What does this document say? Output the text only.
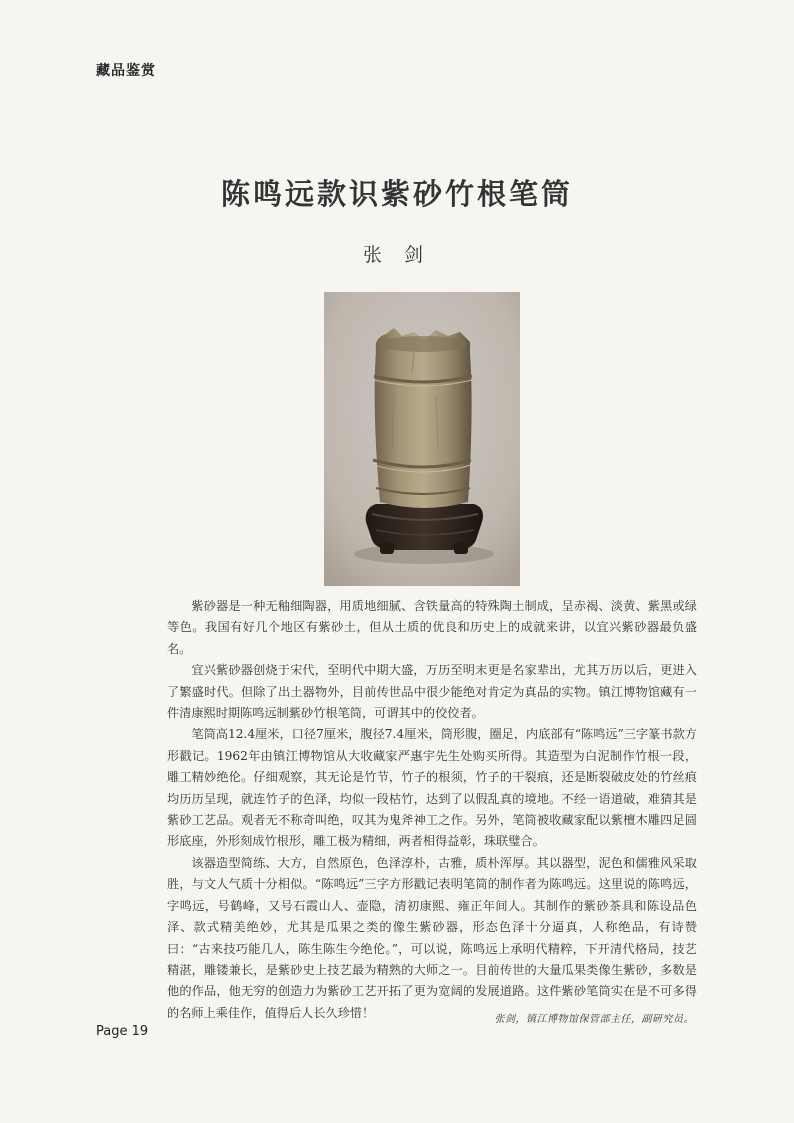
藏品鉴赏
陈鸣远款识紫砂竹根笔筒
张 剑

紫砂器是一种无釉细陶器，用质地细腻、含铁量高的特殊陶土制成，呈赤褐、淡黄、紫黑或绿等色。我国有好几个地区有紫砂土，但从土质的优良和历史上的成就来讲，以宜兴紫砂器最负盛名。

宜兴紫砂器创烧于宋代，至明代中期大盛，万历至明末更是名家辈出，尤其万历以后，更进入了繁盛时代。但除了出土器物外，目前传世品中很少能绝对肯定为真品的实物。镇江博物馆藏有一件清康熙时期陈鸣远制紫砂竹根笔筒，可谓其中的佼佼者。

笔筒高12.4厘米，口径7厘米，腹径7.4厘米，筒形腹，圈足，内底部有“陈鸣远”三字篆书款方形戳记。1962年由镇江博物馆从大收藏家严惠宇先生处购买所得。其造型为白泥制作竹根一段，雕工精妙绝伦。仔细观察，其无论是竹节，竹子的根须，竹子的干裂痕，还是断裂破皮处的竹丝痕均历历呈现，就连竹子的色泽，均似一段枯竹，达到了以假乱真的境地。不经一语道破，难猜其是紫砂工艺品。观者无不称奇叫绝，叹其为鬼斧神工之作。另外，笔筒被收藏家配以紫檀木雕四足圆形底座，外形刻成竹根形，雕工极为精细，两者相得益彰，珠联璧合。

该器造型简练、大方，自然原色，色泽淳朴，古雅，质朴浑厚。其以器型，泥色和儒雅风采取胜，与文人气质十分相似。“陈鸣远”三字方形戳记表明笔筒的制作者为陈鸣远。这里说的陈鸣远，字鸣远，号鹤峰，又号石霞山人、壶隐，清初康熙、雍正年间人。其制作的紫砂茶具和陈设品色泽、款式精美绝妙，尤其是瓜果之类的像生紫砂器，形态色泽十分逼真，人称绝品，有诗赞曰：“古来技巧能几人，陈生陈生今绝伦。”，可以说，陈鸣远上承明代精粹，下开清代格局，技艺精湛，雕镂兼长，是紫砂史上技艺最为精熟的大师之一。目前传世的大量瓜果类像生紫砂，多数是他的作品，他无穷的创造力为紫砂工艺开拓了更为宽阔的发展道路。这件紫砂笔筒实在是不可多得的名师上乘佳作，值得后人长久珍惜！	张剑，镇江博物馆保管部主任，副研究员。
Page 19
